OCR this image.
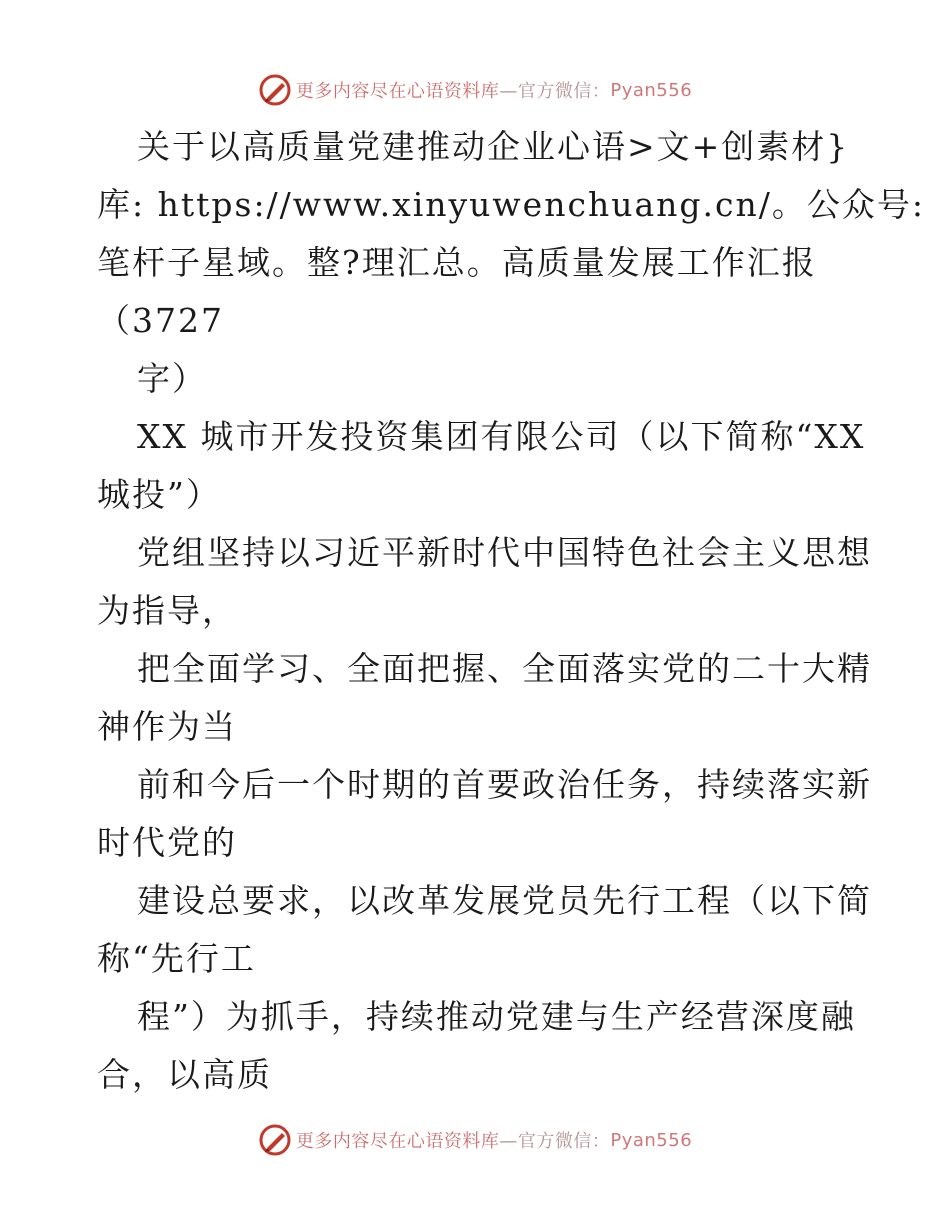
更多内容尽在心语资料库 —官方微信： Pyan556
关于以高质量党建推动企业心语>文+创素材}
库: https://www.xinyuwenchuang.cn/。公众号:
笔杆子星域。整?理汇总。高质量发展工作汇报
（3727
字）
XX 城市开发投资集团有限公司（以下简称“XX
城投”）
党组坚持以习近平新时代中国特色社会主义思想
为指导，
把全面学习、全面把握、全面落实党的二十大精
神作为当
前和今后一个时期的首要政治任务，持续落实新
时代党的
建设总要求，以改革发展党员先行工程（以下简
称“先行工
程”）为抓手，持续推动党建与生产经营深度融
合，以高质
更多内容尽在心语资料库 —官方微信： Pyan556
